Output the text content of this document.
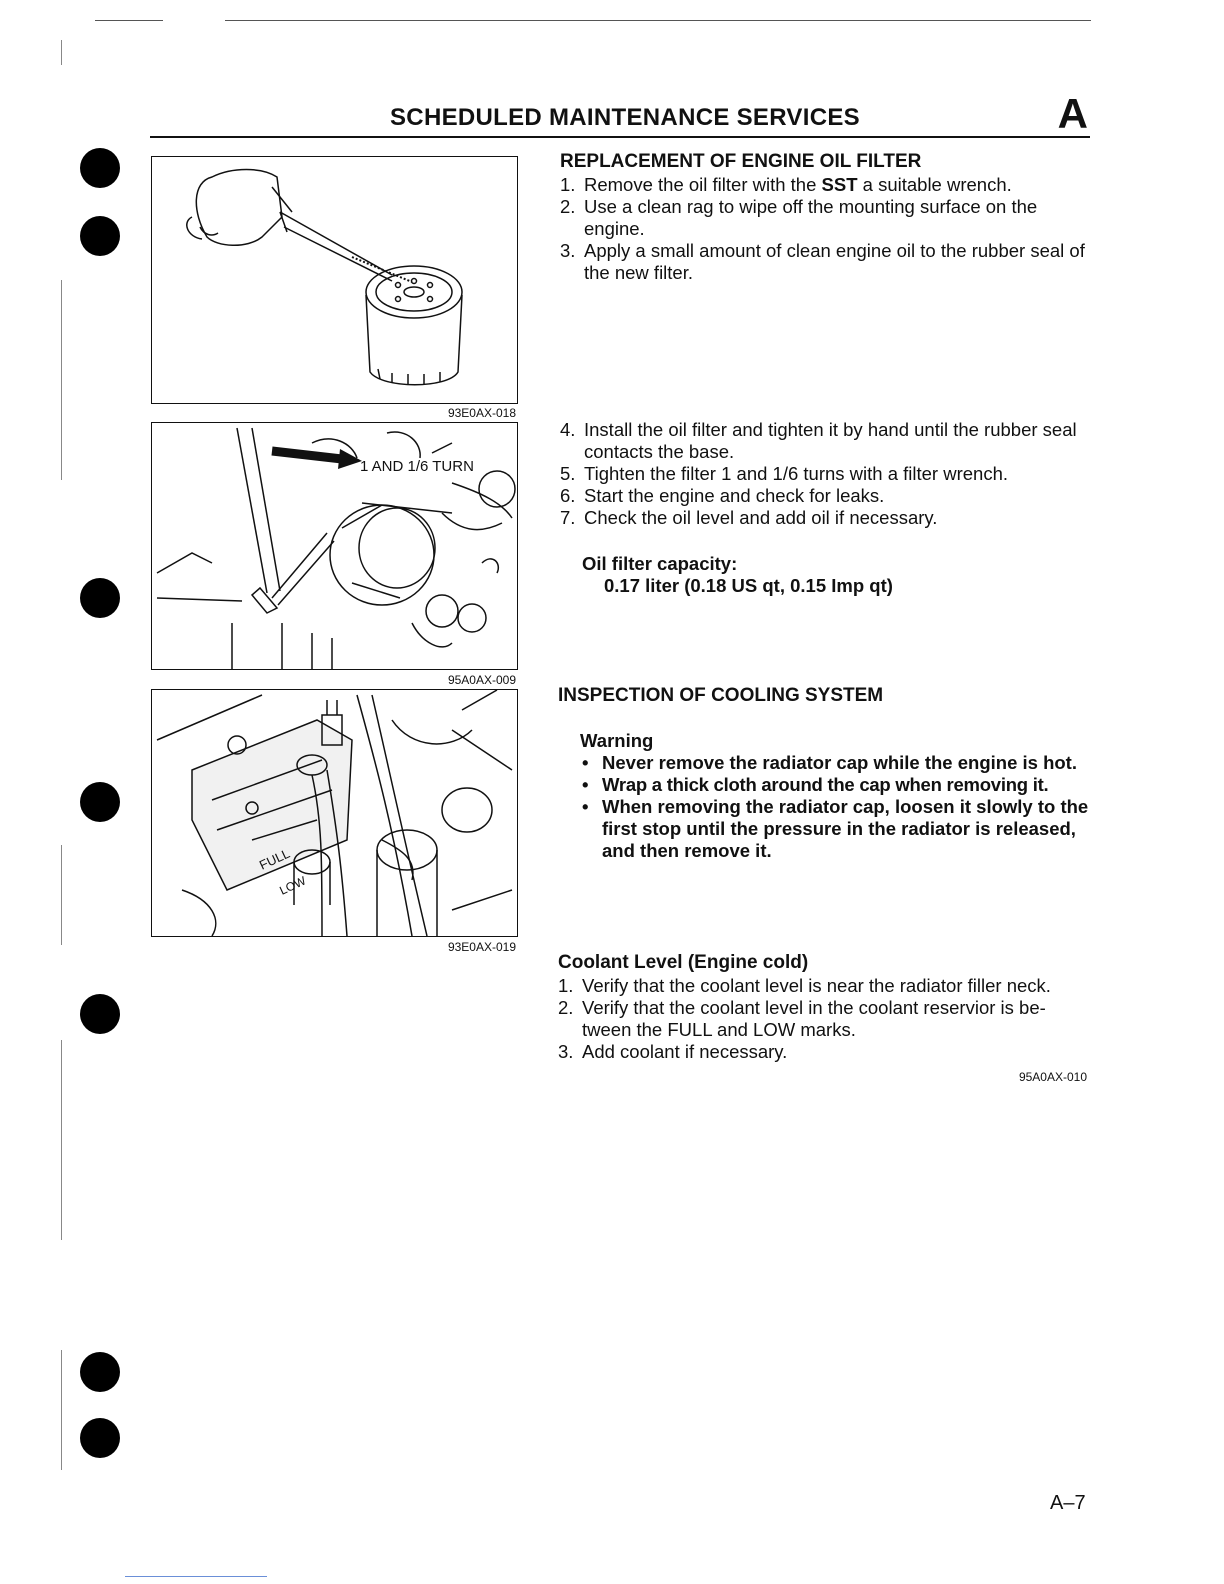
SCHEDULED MAINTENANCE SERVICES	A
93E0AX-018
1 AND 1/6 TURN
95A0AX-009
FULL
LOW
93E0AX-019
REPLACEMENT OF ENGINE OIL FILTER
1. Remove the oil filter with the SST a suitable wrench.
2. Use a clean rag to wipe off the mounting surface on the engine.
3. Apply a small amount of clean engine oil to the rubber seal of the new filter.
4. Install the oil filter and tighten it by hand until the rubber seal contacts the base.
5. Tighten the filter 1 and 1/6 turns with a filter wrench.
6. Start the engine and check for leaks.
7. Check the oil level and add oil if necessary.
Oil filter capacity:
0.17 liter (0.18 US qt, 0.15 Imp qt)
INSPECTION OF COOLING SYSTEM
Warning
• Never remove the radiator cap while the engine is hot.
• Wrap a thick cloth around the cap when removing it.
• When removing the radiator cap, loosen it slowly to the first stop until the pressure in the radiator is released, and then remove it.
Coolant Level (Engine cold)
1. Verify that the coolant level is near the radiator filler neck.
2. Verify that the coolant level in the coolant reservior is be-tween the FULL and LOW marks.
3. Add coolant if necessary.
95A0AX-010
A–7
